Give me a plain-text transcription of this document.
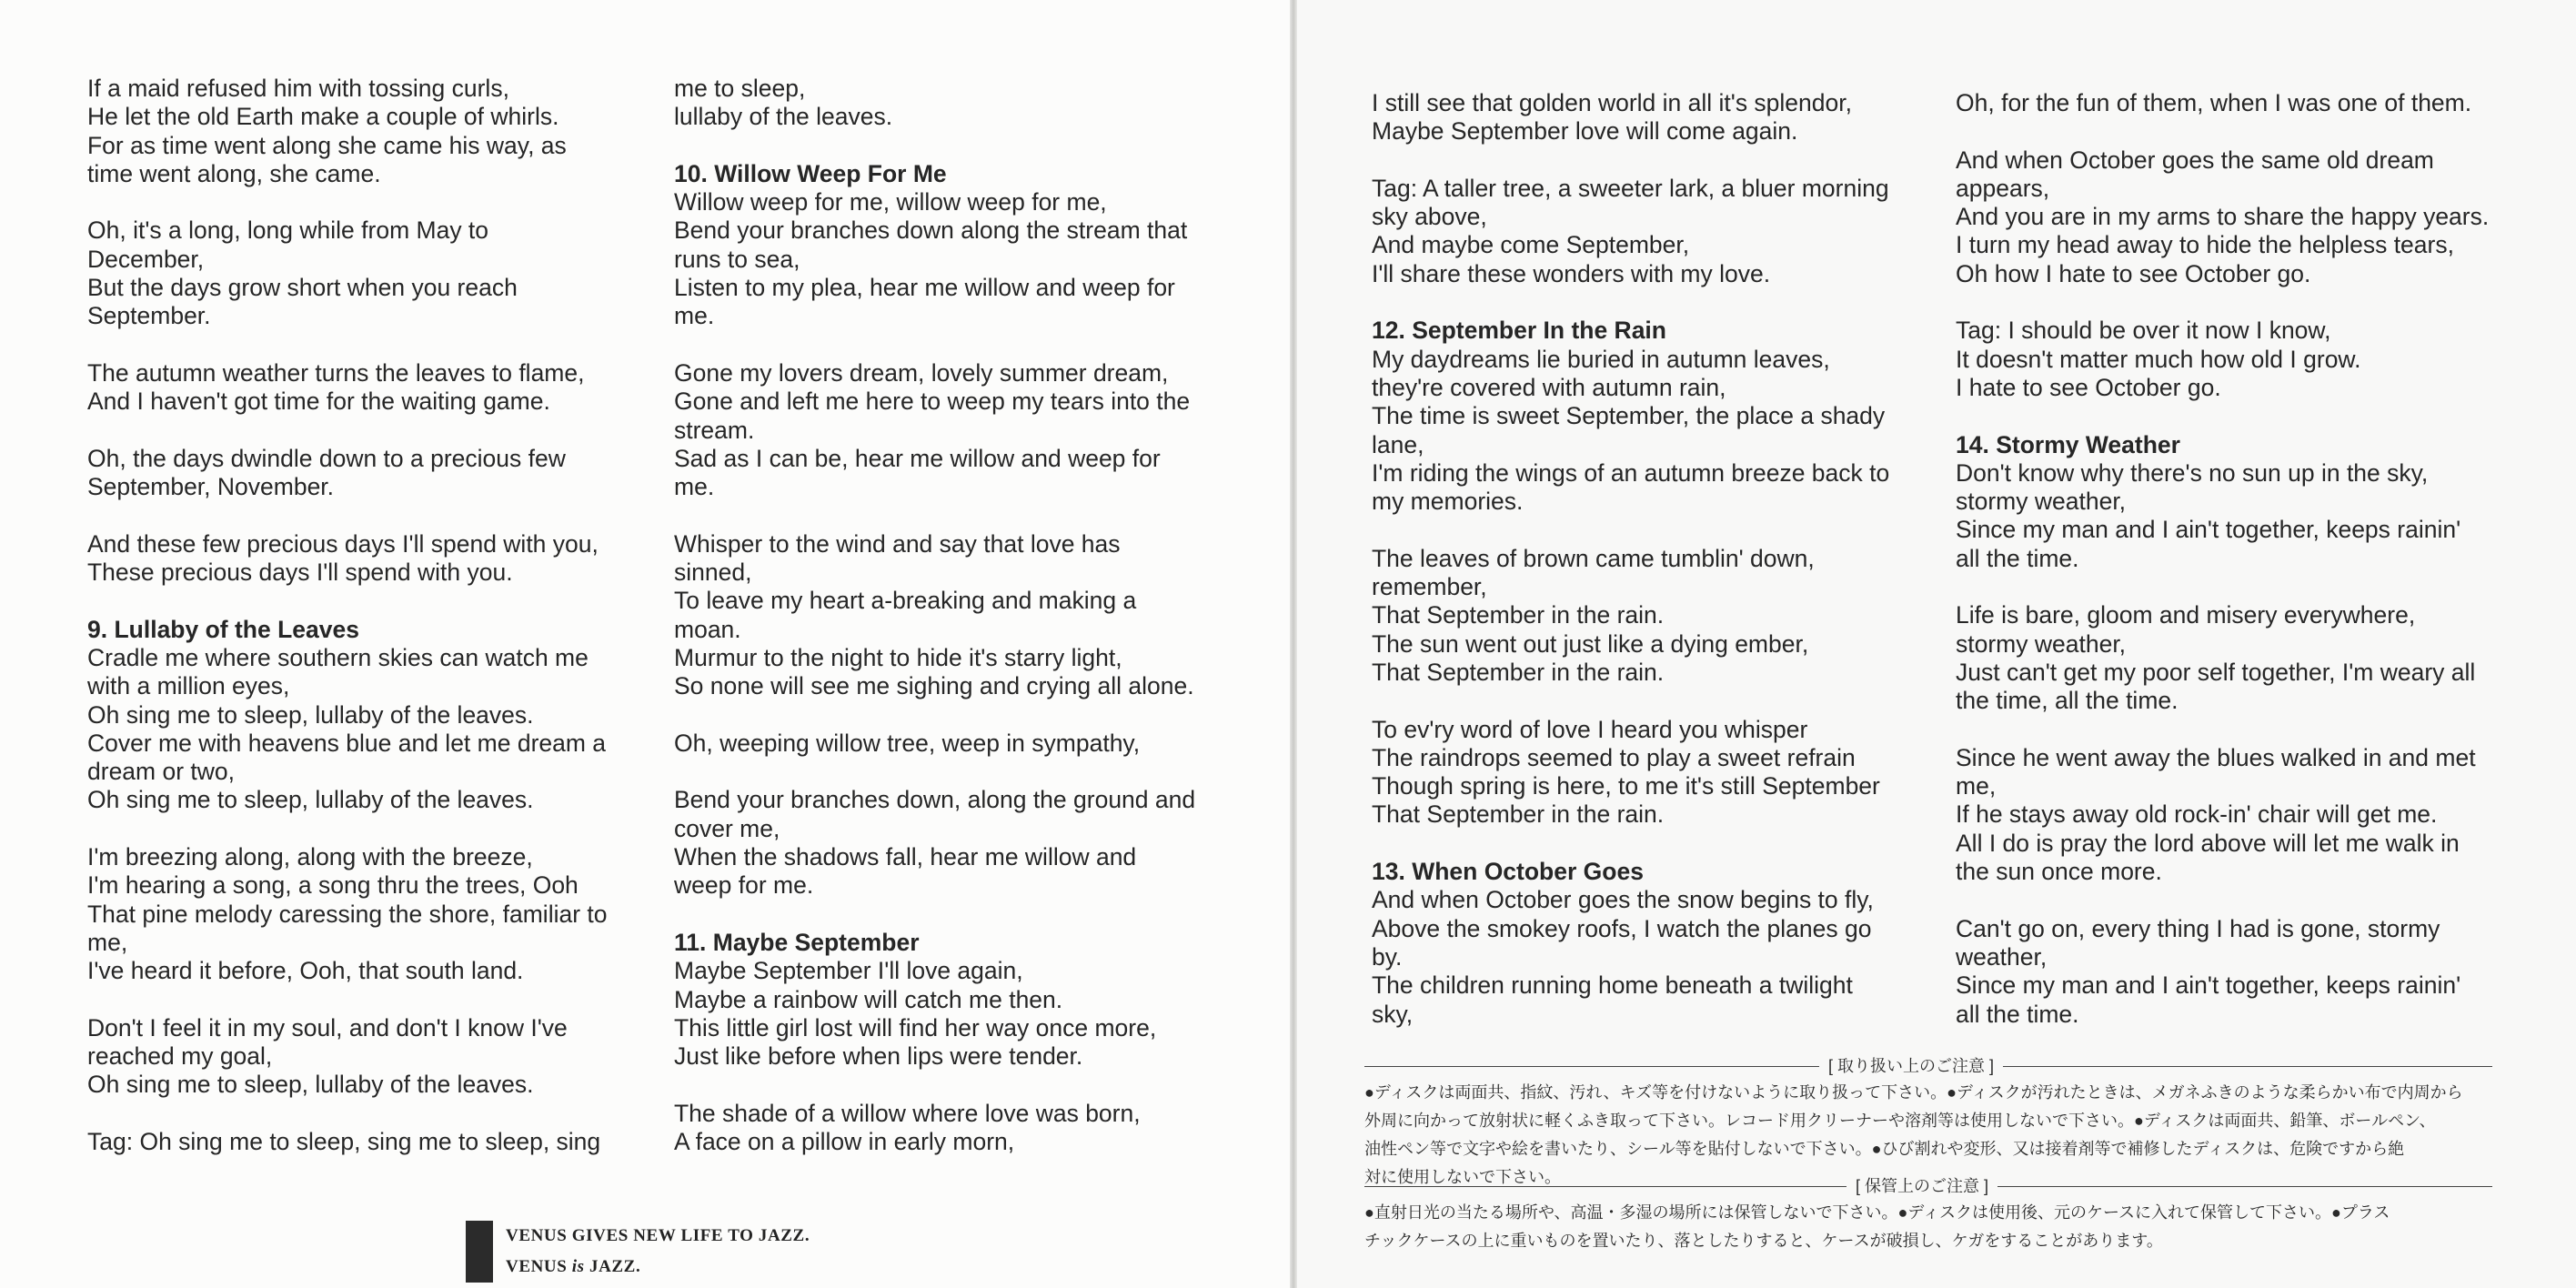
If a maid refused him with tossing curls,
He let the old Earth make a couple of whirls.
For as time went along she came his way, as
time went along, she came.
Oh, it's a long, long while from May to
December,
But the days grow short when you reach
September.
The autumn weather turns the leaves to flame,
And I haven't got time for the waiting game.
Oh, the days dwindle down to a precious few
September, November.
And these few precious days I'll spend with you,
These precious days I'll spend with you.
9. Lullaby of the Leaves
Cradle me where southern skies can watch me
with a million eyes,
Oh sing me to sleep, lullaby of the leaves.
Cover me with heavens blue and let me dream a
dream or two,
Oh sing me to sleep, lullaby of the leaves.
I'm breezing along, along with the breeze,
I'm hearing a song, a song thru the trees, Ooh
That pine melody caressing the shore, familiar to
me,
I've heard it before, Ooh, that south land.
Don't I feel it in my soul, and don't I know I've
reached my goal,
Oh sing me to sleep, lullaby of the leaves.
Tag: Oh sing me to sleep, sing me to sleep, sing
me to sleep,
lullaby of the leaves.
10. Willow Weep For Me
Willow weep for me, willow weep for me,
Bend your branches down along the stream that
runs to sea,
Listen to my plea, hear me willow and weep for
me.
Gone my lovers dream, lovely summer dream,
Gone and left me here to weep my tears into the
stream.
Sad as I can be, hear me willow and weep for
me.
Whisper to the wind and say that love has
sinned,
To leave my heart a-breaking and making a
moan.
Murmur to the night to hide it's starry light,
So none will see me sighing and crying all alone.
Oh, weeping willow tree, weep in sympathy,
Bend your branches down, along the ground and
cover me,
When the shadows fall, hear me willow and
weep for me.
11. Maybe September
Maybe September I'll love again,
Maybe a rainbow will catch me then.
This little girl lost will find her way once more,
Just like before when lips were tender.
The shade of a willow where love was born,
A face on a pillow in early morn,
VENUS GIVES NEW LIFE TO JAZZ.
VENUS is JAZZ.
I still see that golden world in all it's splendor,
Maybe September love will come again.
Tag: A taller tree, a sweeter lark, a bluer morning
sky above,
And maybe come September,
I'll share these wonders with my love.
12. September In the Rain
My daydreams lie buried in autumn leaves,
they're covered with autumn rain,
The time is sweet September, the place a shady
lane,
I'm riding the wings of an autumn breeze back to
my memories.
The leaves of brown came tumblin' down,
remember,
That September in the rain.
The sun went out just like a dying ember,
That September in the rain.
To ev'ry word of love I heard you whisper
The raindrops seemed to play a sweet refrain
Though spring is here, to me it's still September
That September in the rain.
13. When October Goes
And when October goes the snow begins to fly,
Above the smokey roofs, I watch the planes go
by.
The children running home beneath a twilight
sky,
Oh, for the fun of them, when I was one of them.
And when October goes the same old dream
appears,
And you are in my arms to share the happy years.
I turn my head away to hide the helpless tears,
Oh how I hate to see October go.
Tag: I should be over it now I know,
It doesn't matter much how old I grow.
I hate to see October go.
14. Stormy Weather
Don't know why there's no sun up in the sky,
stormy weather,
Since my man and I ain't together, keeps rainin'
all the time.
Life is bare, gloom and misery everywhere,
stormy weather,
Just can't get my poor self together, I'm weary all
the time, all the time.
Since he went away the blues walked in and met
me,
If he stays away old rock-in' chair will get me.
All I do is pray the lord above will let me walk in
the sun once more.
Can't go on, every thing I had is gone, stormy
weather,
Since my man and I ain't together, keeps rainin'
all the time.
[ 取り扱い上のご注意 ]
●ディスクは両面共、指紋、汚れ、キズ等を付けないように取り扱って下さい。●ディスクが汚れたときは、メガネふきのような柔らかい布で内周から
外周に向かって放射状に軽くふき取って下さい。レコード用クリーナーや溶剤等は使用しないで下さい。●ディスクは両面共、鉛筆、ボールペン、
油性ペン等で文字や絵を書いたり、シール等を貼付しないで下さい。●ひび割れや変形、又は接着剤等で補修したディスクは、危険ですから絶
対に使用しないで下さい。	[ 保管上のご注意 ]
●直射日光の当たる場所や、高温・多湿の場所には保管しないで下さい。●ディスクは使用後、元のケースに入れて保管して下さい。●プラス
チックケースの上に重いものを置いたり、落としたりすると、ケースが破損し、ケガをすることがあります。
